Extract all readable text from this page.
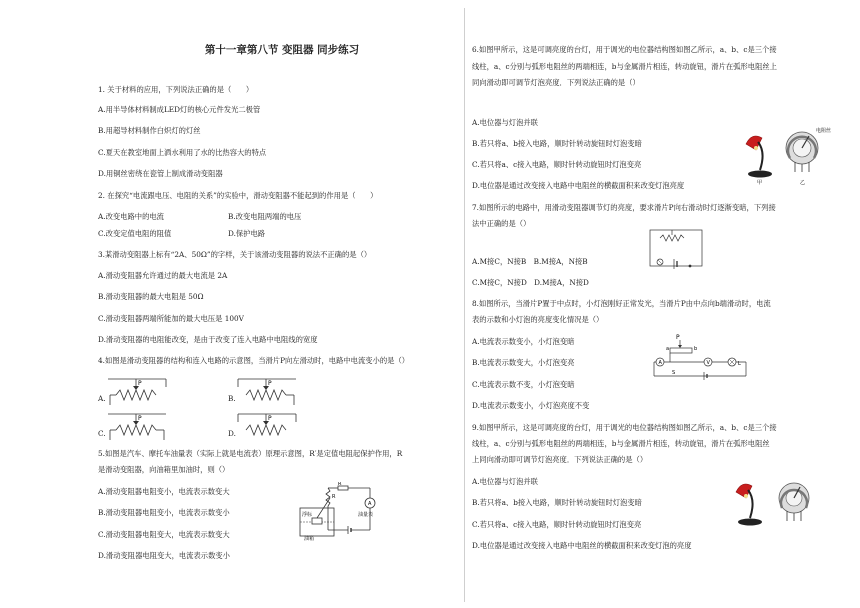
第十一章第八节 变阻器 同步练习
1. 关于材料的应用，下列说法正确的是（　　）
A.用半导体材料制成LED灯的核心元件发光二极管
B.用超导材料制作白炽灯的灯丝
C.夏天在教室地面上洒水利用了水的比热容大的特点
D.用铜丝密绕在瓷管上制成滑动变阻器
2. 在探究“电流跟电压、电阻的关系”的实验中，滑动变阻器不能起到的作用是（　　）
A.改变电路中的电流	B.改变电阻两端的电压
C.改变定值电阻的阻值	D.保护电路
3.某滑动变阻器上标有“2A、50Ω”的字样，关于该滑动变阻器的说法不正确的是（）
A.滑动变阻器允许通过的最大电流是 2A
B.滑动变阻器的最大电阻是 50Ω
C.滑动变阻器两端所能加的最大电压是 100V
D.滑动变阻器的电阻能改变，是由于改变了连入电路中电阻线的宽度
4.如图是滑动变阻器的结构和连入电路的示意图，当滑片P向左滑动时，电路中电流变小的是（）
A.	B.
C.	D.
P	P
P	P
5.如图是汽车、摩托车油量表（实际上就是电流表）原理示意图，R′是定值电阻起保护作用，R
是滑动变阻器，向油箱里加油时，则（）
A.滑动变阻器电阻变小，电流表示数变大
B.滑动变阻器电阻变小，电流表示数变小
C.滑动变阻器电阻变大，电流表示数变大
D.滑动变阻器电阻变大，电流表示数变小
浮标
油箱
R
R′
A
油量表
6.如图甲所示，这是可调亮度的台灯，用于调光的电位器结构图如图乙所示，a、b、c是三个接
线柱，a、c分别与弧形电阻丝的两端相连，b与金属滑片相连，转动旋钮，滑片在弧形电阻丝上
同向滑动即可调节灯泡亮度．下列说法正确的是（）
A.电位器与灯泡并联
B.若只将a、b接入电路，顺时针转动旋钮时灯泡变暗
C.若只将a、c接入电路，顺时针转动旋钮时灯泡变亮
D.电位器是通过改变接入电路中电阻丝的横截面积来改变灯泡亮度	甲
电阻丝
乙
7.如图所示的电路中，用滑动变阻器调节灯的亮度，要求滑片P向右滑动时灯逐渐变暗，下列接
法中正确的是（）
A.M接C，N接B　B.M接A，N接B
C.M接C，N接D　D.M接A，N接D
8.如图所示，当滑片P置于中点时，小灯泡刚好正常发光，当滑片P由中点向b端滑动时，电流
表的示数和小灯泡的亮度变化情况是（）
A.电流表示数变小，小灯泡变暗
B.电流表示数变大，小灯泡变亮
C.电流表示数不变，小灯泡变暗
D.电流表示数变小，小灯泡亮度不变
P
a	b
A	V	L
S
9.如图甲所示，这是可调亮度的台灯，用于调光的电位器结构图如图乙所示，a、b、c是三个接
线柱，a、c分别与弧形电阻丝的两端相连，b与金属滑片相连，转动旋钮，滑片在弧形电阻丝
上同向滑动即可调节灯泡亮度．下列说法正确的是（）
A.电位器与灯泡并联
B.若只将a、b接入电路，顺时针转动旋钮时灯泡变暗
C.若只将a、c接入电路，顺时针转动旋钮时灯泡变亮
D.电位器是通过改变接入电路中电阻丝的横截面积来改变灯泡的亮度
